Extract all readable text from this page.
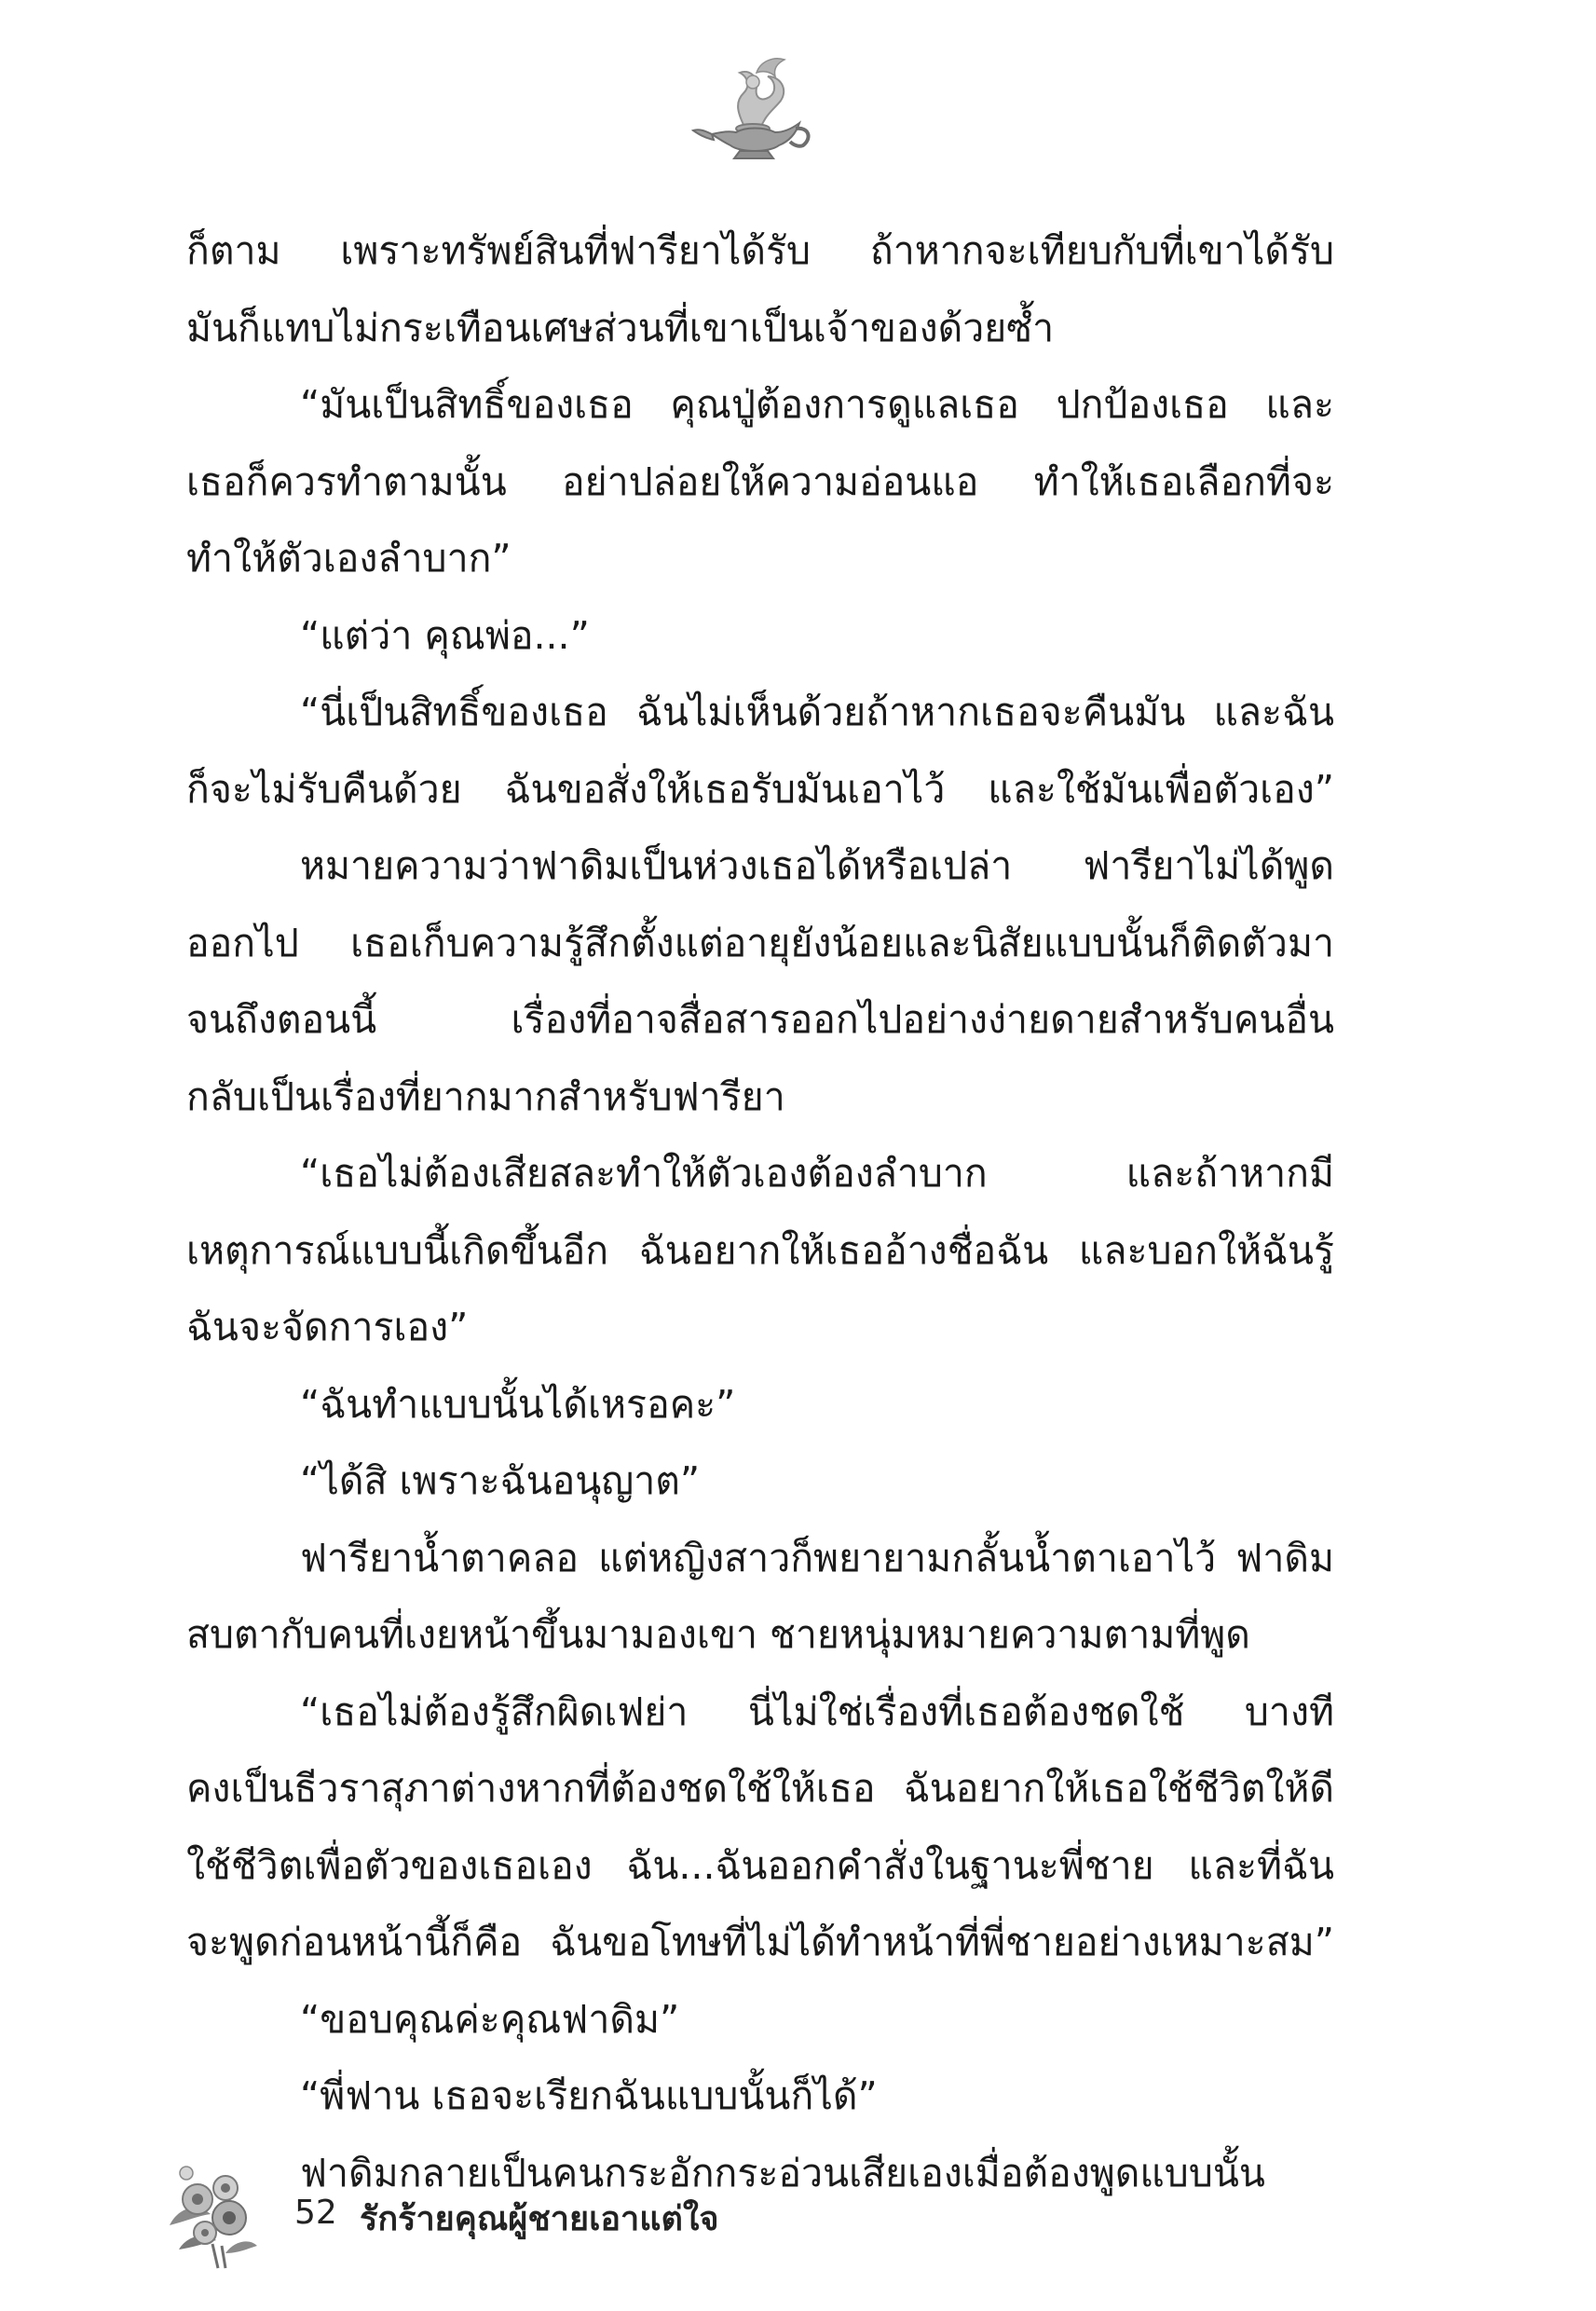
ก็ตาม เพราะทรัพย์สินที่ฟารียาได้รับ ถ้าหากจะเทียบกับที่เขาได้รับ
มันก็แทบไม่กระเทือนเศษส่วนที่เขาเป็นเจ้าของด้วยซ้ำ
“มันเป็นสิทธิ์ของเธอ คุณปู่ต้องการดูแลเธอ ปกป้องเธอ และ
เธอก็ควรทำตามนั้น อย่าปล่อยให้ความอ่อนแอ ทำให้เธอเลือกที่จะ
ทำให้ตัวเองลำบาก”
“แต่ว่า คุณพ่อ...”
“นี่เป็นสิทธิ์ของเธอ ฉันไม่เห็นด้วยถ้าหากเธอจะคืนมัน และฉัน
ก็จะไม่รับคืนด้วย ฉันขอสั่งให้เธอรับมันเอาไว้ และใช้มันเพื่อตัวเอง”
หมายความว่าฟาดิมเป็นห่วงเธอได้หรือเปล่า ฟารียาไม่ได้พูด
ออกไป เธอเก็บความรู้สึกตั้งแต่อายุยังน้อยและนิสัยแบบนั้นก็ติดตัวมา
จนถึงตอนนี้ เรื่องที่อาจสื่อสารออกไปอย่างง่ายดายสำหรับคนอื่น
กลับเป็นเรื่องที่ยากมากสำหรับฟารียา
“เธอไม่ต้องเสียสละทำให้ตัวเองต้องลำบาก และถ้าหากมี
เหตุการณ์แบบนี้เกิดขึ้นอีก ฉันอยากให้เธออ้างชื่อฉัน และบอกให้ฉันรู้
ฉันจะจัดการเอง”
“ฉันทำแบบนั้นได้เหรอคะ”
“ได้สิ เพราะฉันอนุญาต”
ฟารียาน้ำตาคลอ แต่หญิงสาวก็พยายามกลั้นน้ำตาเอาไว้ ฟาดิม
สบตากับคนที่เงยหน้าขึ้นมามองเขา ชายหนุ่มหมายความตามที่พูด
“เธอไม่ต้องรู้สึกผิดเฟย่า นี่ไม่ใช่เรื่องที่เธอต้องชดใช้ บางที
คงเป็นธีวราสุภาต่างหากที่ต้องชดใช้ให้เธอ ฉันอยากให้เธอใช้ชีวิตให้ดี
ใช้ชีวิตเพื่อตัวของเธอเอง ฉัน...ฉันออกคำสั่งในฐานะพี่ชาย และที่ฉัน
จะพูดก่อนหน้านี้ก็คือ ฉันขอโทษที่ไม่ได้ทำหน้าที่พี่ชายอย่างเหมาะสม”
“ขอบคุณค่ะคุณฟาดิม”
“พี่ฟาน เธอจะเรียกฉันแบบนั้นก็ได้”
ฟาดิมกลายเป็นคนกระอักกระอ่วนเสียเองเมื่อต้องพูดแบบนั้น
52 รักร้ายคุณผู้ชายเอาแต่ใจ
